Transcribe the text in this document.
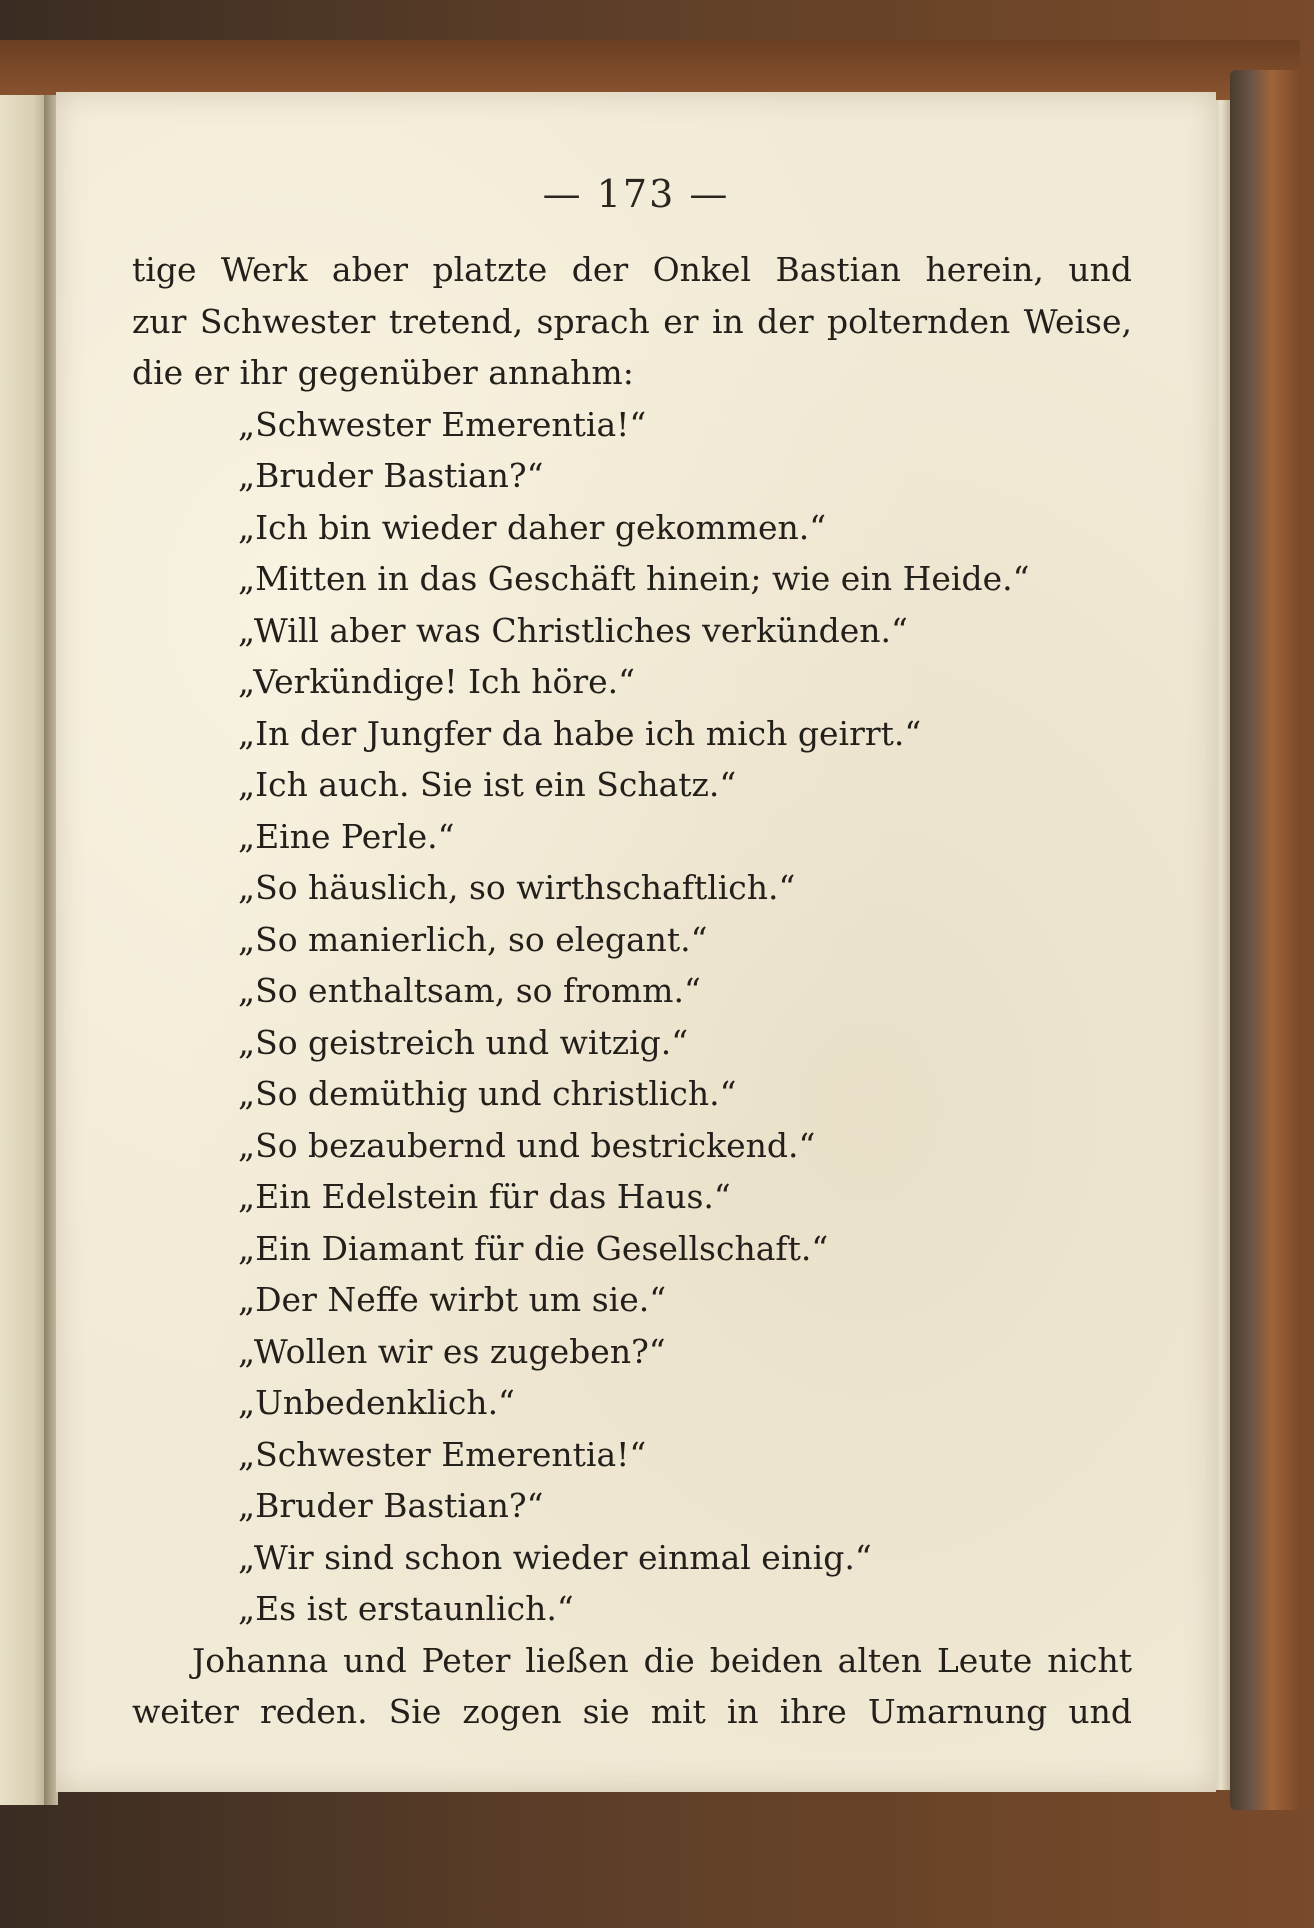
— 173 —
tige Werk aber platzte der Onkel Bastian herein, und
zur Schwester tretend, sprach er in der polternden Weise,
die er ihr gegenüber annahm:
„Schwester Emerentia!“
„Bruder Bastian?“
„Ich bin wieder daher gekommen.“
„Mitten in das Geschäft hinein; wie ein Heide.“
„Will aber was Christliches verkünden.“
„Verkündige! Ich höre.“
„In der Jungfer da habe ich mich geirrt.“
„Ich auch. Sie ist ein Schatz.“
„Eine Perle.“
„So häuslich, so wirthschaftlich.“
„So manierlich, so elegant.“
„So enthaltsam, so fromm.“
„So geistreich und witzig.“
„So demüthig und christlich.“
„So bezaubernd und bestrickend.“
„Ein Edelstein für das Haus.“
„Ein Diamant für die Gesellschaft.“
„Der Neffe wirbt um sie.“
„Wollen wir es zugeben?“
„Unbedenklich.“
„Schwester Emerentia!“
„Bruder Bastian?“
„Wir sind schon wieder einmal einig.“
„Es ist erstaunlich.“
Johanna und Peter ließen die beiden alten Leute nicht
weiter reden. Sie zogen sie mit in ihre Umarnung und
